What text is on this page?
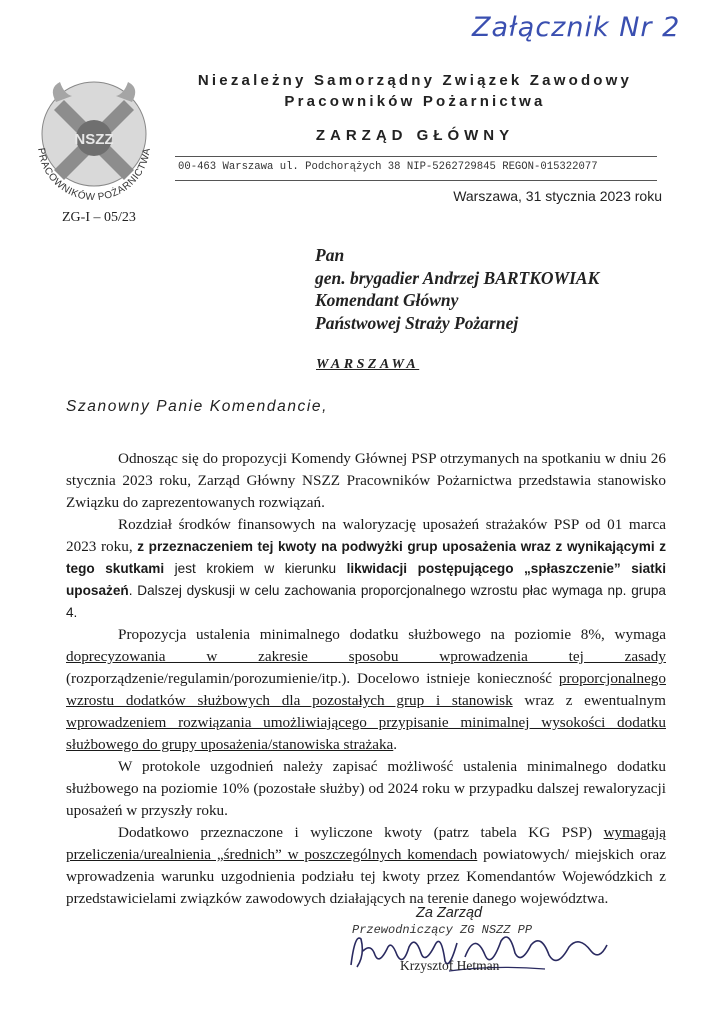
Załącznik Nr 2
NSZZ
PRACOWNIKÓW POŻARNICTWA
Niezależny Samorządny Związek Zawodowy
Pracowników Pożarnictwa
ZARZĄD GŁÓWNY
00-463 Warszawa ul. Podchorążych 38 NIP-5262729845 REGON-015322077
Warszawa, 31 stycznia 2023 roku
ZG-I – 05/23
Pan
gen. brygadier Andrzej BARTKOWIAK
Komendant Główny
Państwowej Straży Pożarnej
WARSZAWA
Szanowny Panie Komendancie,

Odnosząc się do propozycji Komendy Głównej PSP otrzymanych na spotkaniu w dniu 26 stycznia 2023 roku, Zarząd Główny NSZZ Pracowników Pożarnictwa przedstawia stanowisko Związku do zaprezentowanych rozwiązań.

Rozdział środków finansowych na waloryzację uposażeń strażaków PSP od 01 marca 2023 roku, z przeznaczeniem tej kwoty na podwyżki grup uposażenia wraz z wynikającymi z tego skutkami jest krokiem w kierunku likwidacji postępującego „spłaszczenie” siatki uposażeń. Dalszej dyskusji w celu zachowania proporcjonalnego wzrostu płac wymaga np. grupa 4.

Propozycja ustalenia minimalnego dodatku służbowego na poziomie 8%, wymaga doprecyzowania w zakresie sposobu wprowadzenia tej zasady (rozporządzenie/regulamin/porozumienie/itp.). Docelowo istnieje konieczność proporcjonalnego wzrostu dodatków służbowych dla pozostałych grup i stanowisk wraz z ewentualnym wprowadzeniem rozwiązania umożliwiającego przypisanie minimalnej wysokości dodatku służbowego do grupy uposażenia/stanowiska strażaka.

W protokole uzgodnień należy zapisać możliwość ustalenia minimalnego dodatku służbowego na poziomie 10% (pozostałe służby) od 2024 roku w przypadku dalszej rewaloryzacji uposażeń w przyszły roku.

Dodatkowo przeznaczone i wyliczone kwoty (patrz tabela KG PSP) wymagają przeliczenia/urealnienia „średnich” w poszczególnych komendach powiatowych/ miejskich oraz wprowadzenia warunku uzgodnienia podziału tej kwoty przez Komendantów Wojewódzkich z przedstawicielami związków zawodowych działających na terenie danego województwa.

Za Zarząd
Przewodniczący ZG NSZZ PP
Krzysztof Hetman
